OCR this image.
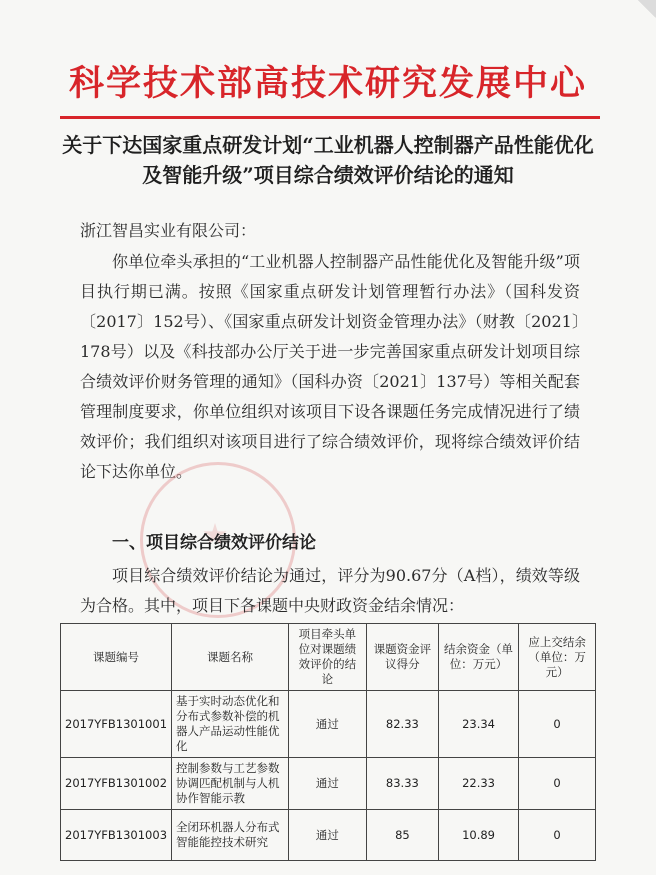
科学技术部高技术研究发展中心
关于下达国家重点研发计划“工业机器人控制器产品性能优化及智能升级”项目综合绩效评价结论的通知
浙江智昌实业有限公司：
你单位牵头承担的“工业机器人控制器产品性能优化及智能升级”项目执行期已满。按照《国家重点研发计划管理暂行办法》（国科发资〔2017〕152号）、《国家重点研发计划资金管理办法》（财教〔2021〕178号）以及《科技部办公厅关于进一步完善国家重点研发计划项目综合绩效评价财务管理的通知》（国科办资〔2021〕137号）等相关配套管理制度要求，你单位组织对该项目下设各课题任务完成情况进行了绩效评价；我们组织对该项目进行了综合绩效评价，现将综合绩效评价结论下达你单位。
一、项目综合绩效评价结论
项目综合绩效评价结论为通过，评分为90.67分（A档），绩效等级为合格。其中，项目下各课题中央财政资金结余情况：
课题编号	课题名称	项目牵头单位对课题绩效评价的结论	课题资金评议得分	结余资金（单位：万元）	应上交结余（单位：万元）
2017YFB1301001	基于实时动态优化和分布式参数补偿的机器人产品运动性能优化	通过	82.33	23.34	0
2017YFB1301002	控制参数与工艺参数协调匹配机制与人机协作智能示教	通过	83.33	22.33	0
2017YFB1301003	全闭环机器人分布式智能能控技术研究	通过	85	10.89	0
